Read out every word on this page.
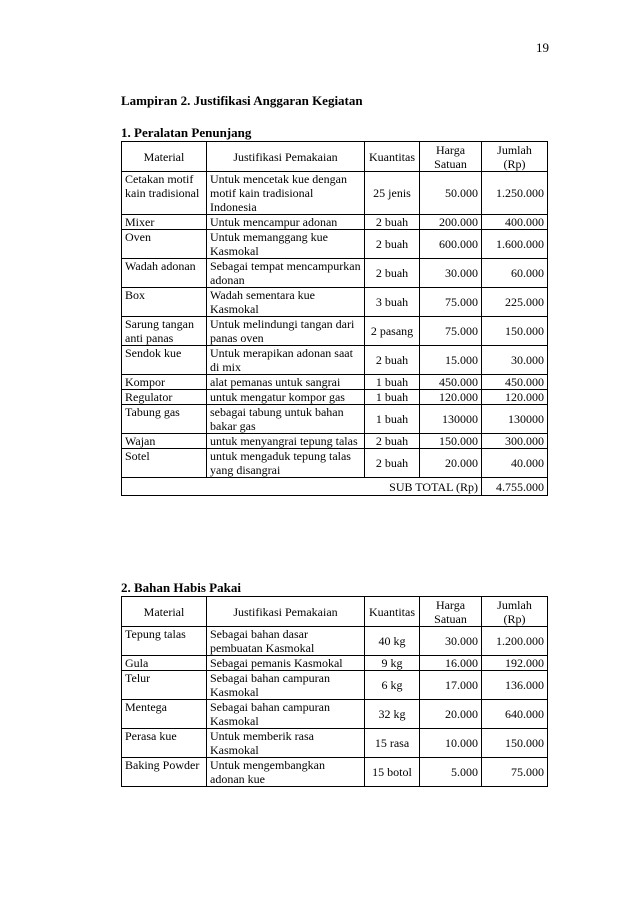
19
Lampiran 2. Justifikasi Anggaran Kegiatan
1. Peralatan Penunjang
Material	Justifikasi Pemakaian	Kuantitas	Harga Satuan	Jumlah (Rp)
Cetakan motif kain tradisional	Untuk mencetak kue dengan motif kain tradisional Indonesia	25 jenis	50.000	1.250.000
Mixer	Untuk mencampur adonan	2 buah	200.000	400.000
Oven	Untuk memanggang kue Kasmokal	2 buah	600.000	1.600.000
Wadah adonan	Sebagai tempat mencampurkan adonan	2 buah	30.000	60.000
Box	Wadah sementara kue Kasmokal	3 buah	75.000	225.000
Sarung tangan anti panas	Untuk melindungi tangan dari panas oven	2 pasang	75.000	150.000
Sendok kue	Untuk merapikan adonan saat di mix	2 buah	15.000	30.000
Kompor	alat pemanas untuk sangrai	1 buah	450.000	450.000
Regulator	untuk mengatur kompor gas	1 buah	120.000	120.000
Tabung gas	sebagai tabung untuk bahan bakar gas	1 buah	130000	130000
Wajan	untuk menyangrai tepung talas	2 buah	150.000	300.000
Sotel	untuk mengaduk tepung talas yang disangrai	2 buah	20.000	40.000
SUB TOTAL (Rp)				4.755.000
2. Bahan Habis Pakai
Material	Justifikasi Pemakaian	Kuantitas	Harga Satuan	Jumlah (Rp)
Tepung talas	Sebagai bahan dasar pembuatan Kasmokal	40 kg	30.000	1.200.000
Gula	Sebagai pemanis Kasmokal	9 kg	16.000	192.000
Telur	Sebagai bahan campuran Kasmokal	6 kg	17.000	136.000
Mentega	Sebagai bahan campuran Kasmokal	32 kg	20.000	640.000
Perasa kue	Untuk memberik rasa Kasmokal	15 rasa	10.000	150.000
Baking Powder	Untuk mengembangkan adonan kue	15 botol	5.000	75.000
